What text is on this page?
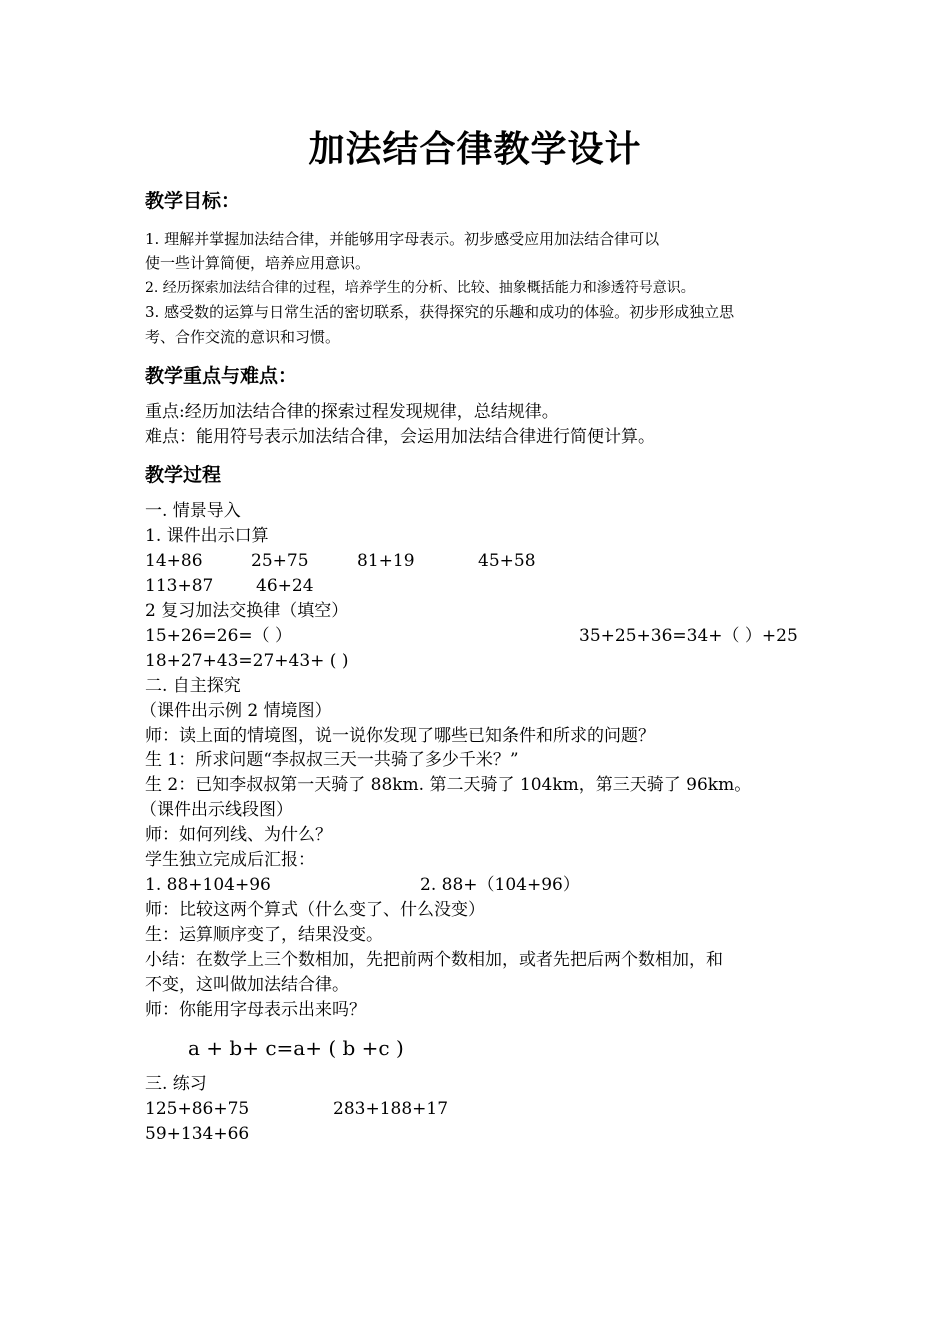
加法结合律教学设计
教学目标：
1. 理解并掌握加法结合律，并能够用字母表示。初步感受应用加法结合律可以
使一些计算简便，培养应用意识。
2. 经历探索加法结合律的过程，培养学生的分析、比较、抽象概括能力和渗透符号意识。
3. 感受数的运算与日常生活的密切联系，获得探究的乐趣和成功的体验。初步形成独立思
考、合作交流的意识和习惯。
教学重点与难点：
重点:经历加法结合律的探索过程发现规律，总结规律。
难点：能用符号表示加法结合律，会运用加法结合律进行简便计算。
教学过程
一. 情景导入
1. 课件出示口算
14+86	25+75	81+19	45+58
113+87	46+24
2 复习加法交换律（填空）
15+26=26=（ ）	35+25+36=34+（ ）+25
18+27+43=27+43+ ( )
二. 自主探究
（课件出示例 2 情境图）
师：读上面的情境图，说一说你发现了哪些已知条件和所求的问题？
生 1：所求问题“李叔叔三天一共骑了多少千米？”
生 2：已知李叔叔第一天骑了 88km. 第二天骑了 104km，第三天骑了 96km。
（课件出示线段图）
师：如何列线、为什么？
学生独立完成后汇报：
1. 88+104+96	2. 88+（104+96）
师：比较这两个算式（什么变了、什么没变）
生：运算顺序变了，结果没变。
小结：在数学上三个数相加，先把前两个数相加，或者先把后两个数相加，和
不变，这叫做加法结合律。
师：你能用字母表示出来吗？
a + b+ c=a+ ( b +c )
三. 练习
125+86+75	283+188+17
59+134+66
